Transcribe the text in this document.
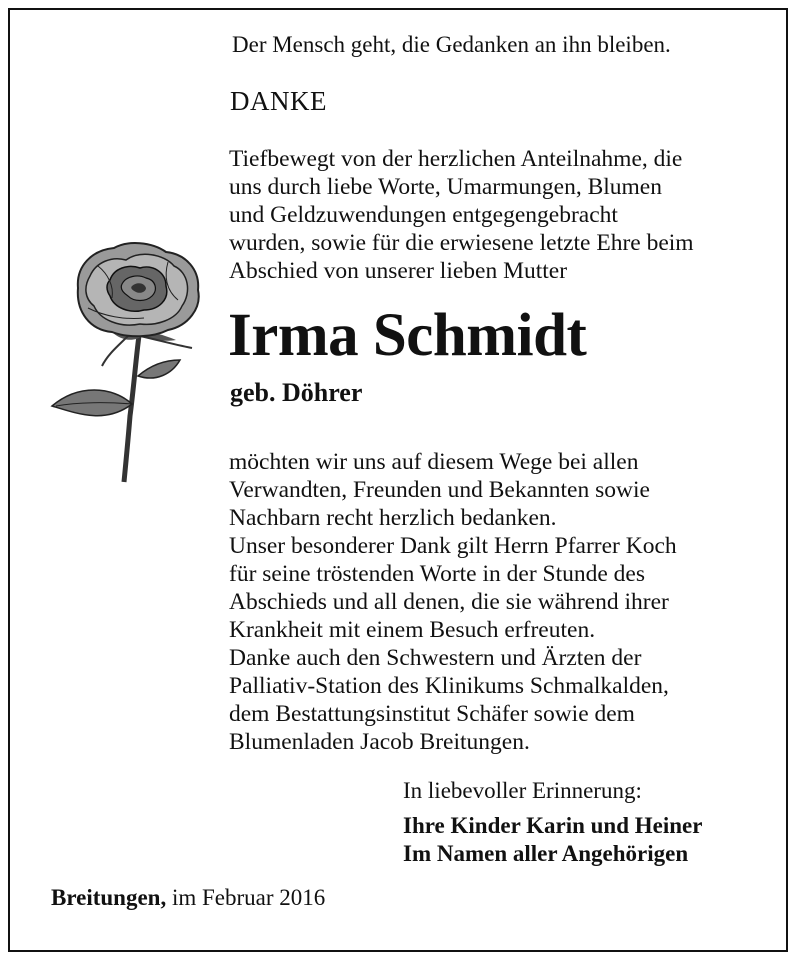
Der Mensch geht, die Gedanken an ihn bleiben.
DANKE
Tiefbewegt von der herzlichen Anteilnahme, die
uns durch liebe Worte, Umarmungen, Blumen
und Geldzuwendungen entgegengebracht
wurden, sowie für die erwiesene letzte Ehre beim
Abschied von unserer lieben Mutter
Irma Schmidt
geb. Döhrer
möchten wir uns auf diesem Wege bei allen
Verwandten, Freunden und Bekannten sowie
Nachbarn recht herzlich bedanken.
Unser besonderer Dank gilt Herrn Pfarrer Koch
für seine tröstenden Worte in der Stunde des
Abschieds und all denen, die sie während ihrer
Krankheit mit einem Besuch erfreuten.
Danke auch den Schwestern und Ärzten der
Palliativ-Station des Klinikums Schmalkalden,
dem Bestattungsinstitut Schäfer sowie dem
Blumenladen Jacob Breitungen.
In liebevoller Erinnerung:
Ihre Kinder Karin und Heiner
Im Namen aller Angehörigen
Breitungen, im Februar 2016
